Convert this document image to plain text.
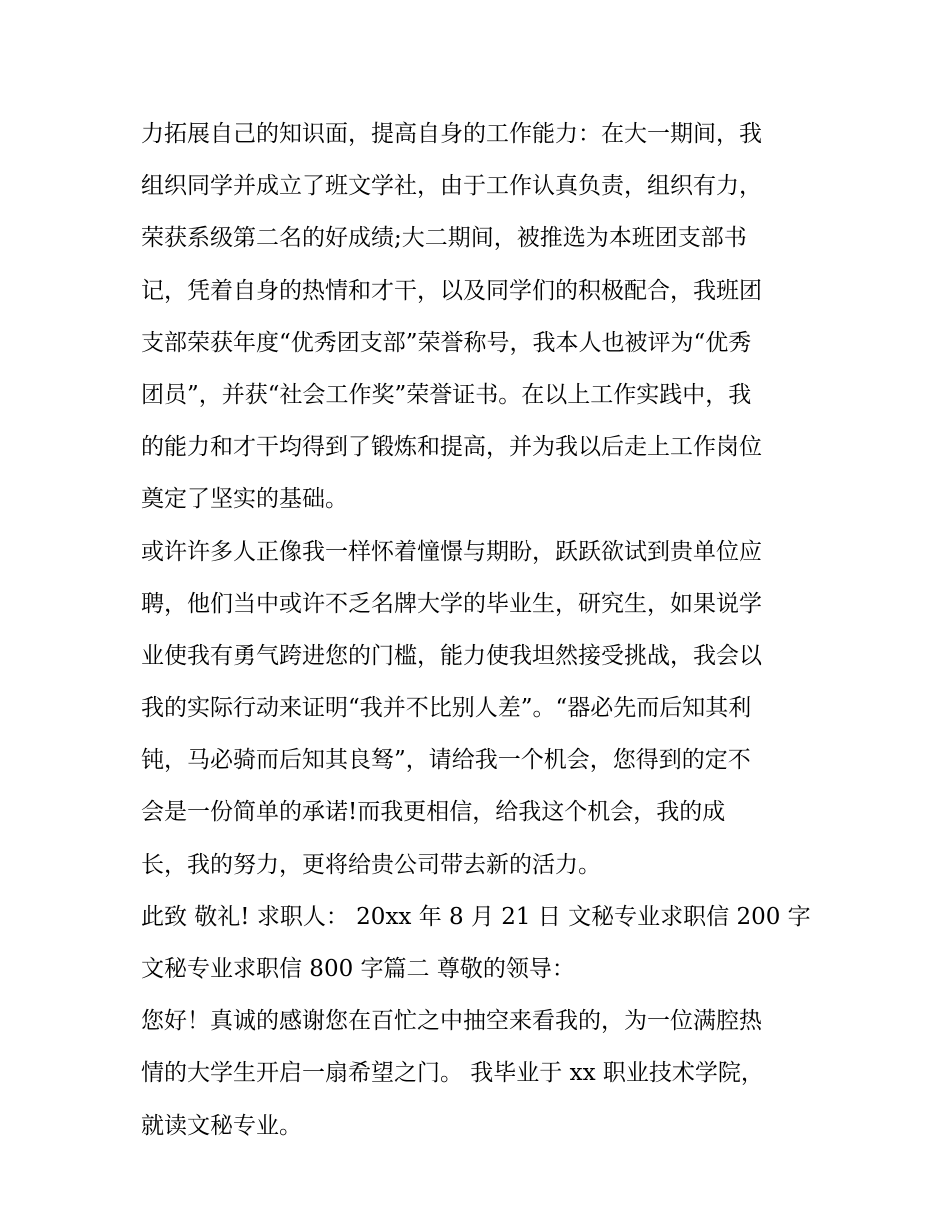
力拓展自己的知识面，提高自身的工作能力：在大一期间，我
组织同学并成立了班文学社，由于工作认真负责，组织有力，
荣获系级第二名的好成绩;大二期间，被推选为本班团支部书
记，凭着自身的热情和才干，以及同学们的积极配合，我班团
支部荣获年度“优秀团支部”荣誉称号，我本人也被评为“优秀
团员”，并获“社会工作奖”荣誉证书。在以上工作实践中，我
的能力和才干均得到了锻炼和提高，并为我以后走上工作岗位
奠定了坚实的基础。
或许许多人正像我一样怀着憧憬与期盼，跃跃欲试到贵单位应
聘，他们当中或许不乏名牌大学的毕业生，研究生，如果说学
业使我有勇气跨进您的门槛，能力使我坦然接受挑战，我会以
我的实际行动来证明“我并不比别人差”。“器必先而后知其利
钝，马必骑而后知其良驽”，请给我一个机会，您得到的定不
会是一份简单的承诺!而我更相信，给我这个机会，我的成
长，我的努力，更将给贵公司带去新的活力。
此致 敬礼! 求职人： 20xx 年 8 月 21 日 文秘专业求职信 200 字
文秘专业求职信 800 字篇二 尊敬的领导：
您好！真诚的感谢您在百忙之中抽空来看我的，为一位满腔热
情的大学生开启一扇希望之门。 我毕业于 xx 职业技术学院，
就读文秘专业。
